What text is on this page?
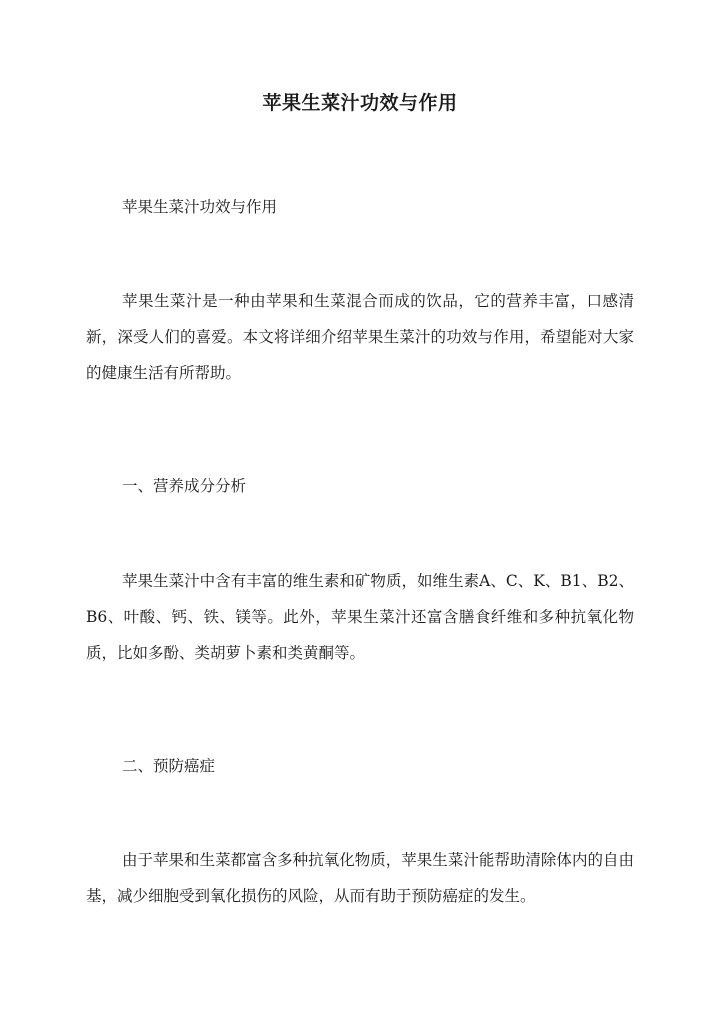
苹果生菜汁功效与作用

苹果生菜汁功效与作用

苹果生菜汁是一种由苹果和生菜混合而成的饮品，它的营养丰富，口感清新，深受人们的喜爱。本文将详细介绍苹果生菜汁的功效与作用，希望能对大家的健康生活有所帮助。

一、营养成分分析

苹果生菜汁中含有丰富的维生素和矿物质，如维生素A、C、K、B1、B2、B6、叶酸、钙、铁、镁等。此外，苹果生菜汁还富含膳食纤维和多种抗氧化物质，比如多酚、类胡萝卜素和类黄酮等。

二、预防癌症

由于苹果和生菜都富含多种抗氧化物质，苹果生菜汁能帮助清除体内的自由基，减少细胞受到氧化损伤的风险，从而有助于预防癌症的发生。
